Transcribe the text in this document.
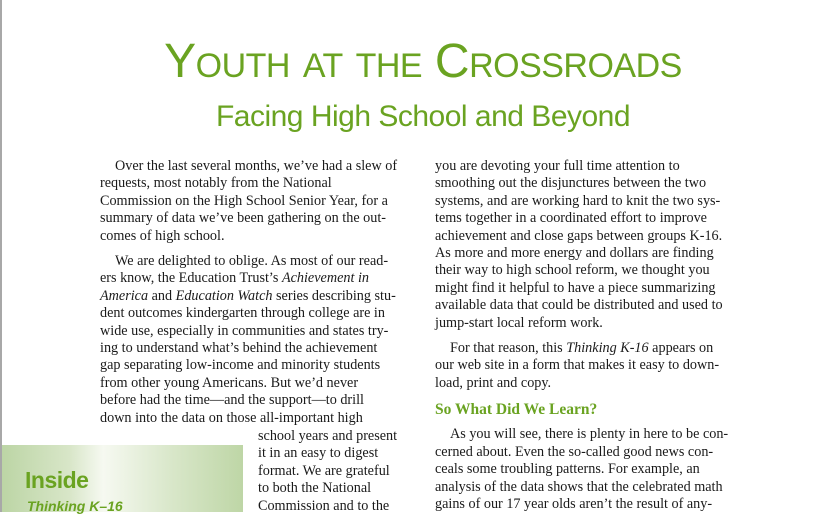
Youth at the Crossroads
Facing High School and Beyond

Over the last several months, we’ve had a slew of
requests, most notably from the National
Commission on the High School Senior Year, for a
summary of data we’ve been gathering on the out-
comes of high school.

We are delighted to oblige. As most of our read-
ers know, the Education Trust’s Achievement in
America and Education Watch series describing stu-
dent outcomes kindergarten through college are in
wide use, especially in communities and states try-
ing to understand what’s behind the achievement
gap separating low-income and minority students
from other young Americans. But we’d never
before had the time—and the support—to drill
down into the data on those all-important high

school years and present
it in an easy to digest
format. We are grateful
to both the National
Commission and to the

you are devoting your full time attention to
smoothing out the disjunctures between the two
systems, and are working hard to knit the two sys-
tems together in a coordinated effort to improve
achievement and close gaps between groups K-16.
As more and more energy and dollars are finding
their way to high school reform, we thought you
might find it helpful to have a piece summarizing
available data that could be distributed and used to
jump-start local reform work.

For that reason, this Thinking K-16 appears on
our web site in a form that makes it easy to down-
load, print and copy.

So What Did We Learn?

As you will see, there is plenty in here to be con-
cerned about. Even the so-called good news con-
ceals some troubling patterns. For example, an
analysis of the data shows that the celebrated math
gains of our 17 year olds aren’t the result of any-

Inside
Thinking K–16
